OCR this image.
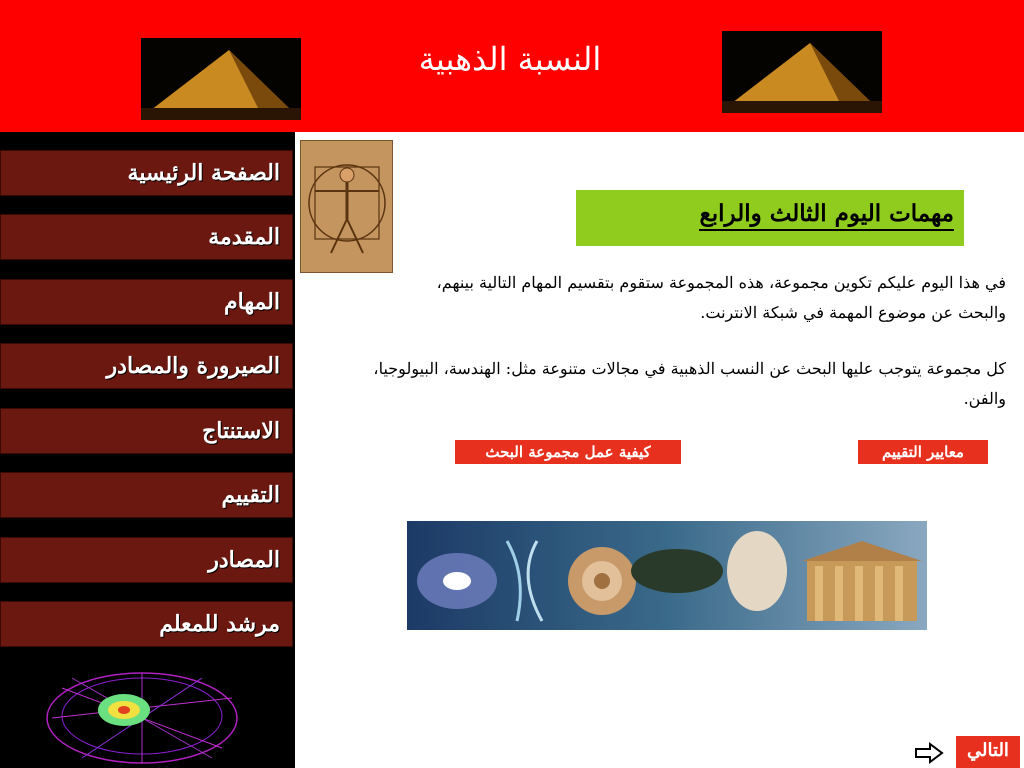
النسبة الذهبية
الصفحة الرئيسية
المقدمة
المهام
الصيرورة والمصادر
الاستنتاج
التقييم
المصادر
مرشد للمعلم
مهمات اليوم الثالث والرابع
في هذا اليوم عليكم تكوين مجموعة، هذه المجموعة ستقوم بتقسيم المهام التالية بينهم، والبحث عن موضوع المهمة في شبكة الانترنت.
كل مجموعة يتوجب عليها البحث عن النسب الذهبية في مجالات متنوعة مثل: الهندسة، البيولوجيا، والفن.
معايير التقييم
كيفية عمل مجموعة البحث
التالي
